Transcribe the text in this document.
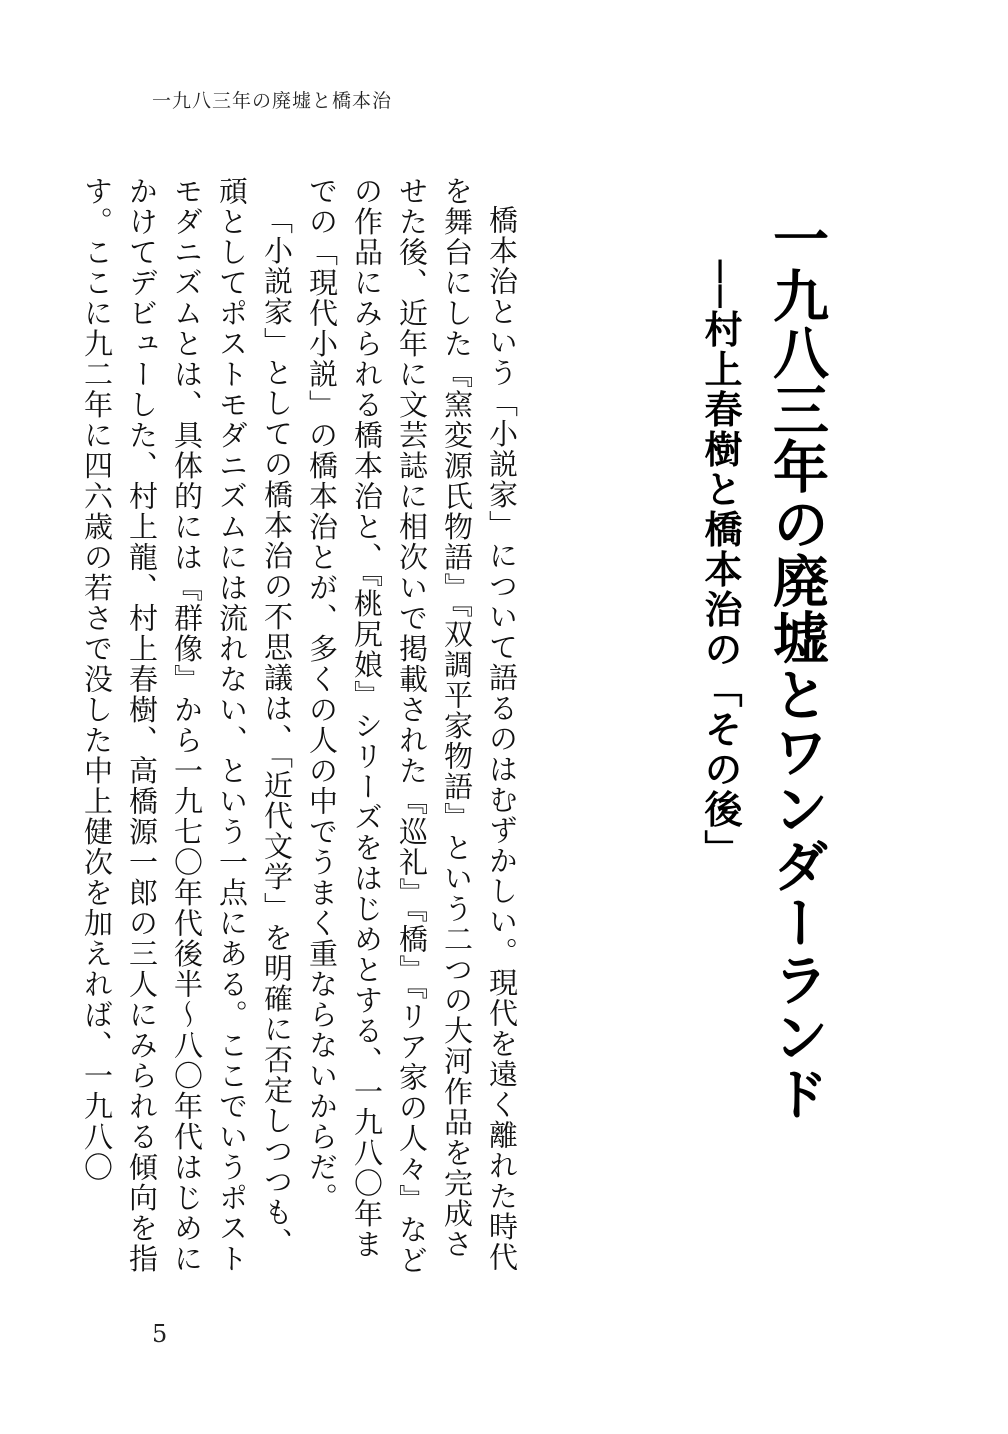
一九八三年の廃墟と橋本治
一九八三年の廃墟とワンダーランド
──村上春樹と橋本治の「その後」

橋本治という「小説家」について語るのはむずかしい。現代を遠く離れた時代を舞台にした『窯変源氏物語』『双調平家物語』という二つの大河作品を完成させた後、近年に文芸誌に相次いで掲載された『巡礼』『橋』『リア家の人々』などの作品にみられる橋本治と、『桃尻娘』シリーズをはじめとする、一九八〇年までの「現代小説」の橋本治とが、多くの人の中でうまく重ならないからだ。

「小説家」としての橋本治の不思議は、「近代文学」を明確に否定しつつも、頑としてポストモダニズムには流れない、という一点にある。ここでいうポストモダニズムとは、具体的には『群像』から一九七〇年代後半〜八〇年代はじめにかけてデビューした、村上龍、村上春樹、高橋源一郎の三人にみられる傾向を指す。ここに九二年に四六歳の若さで没した中上健次を加えれば、一九八〇

5
